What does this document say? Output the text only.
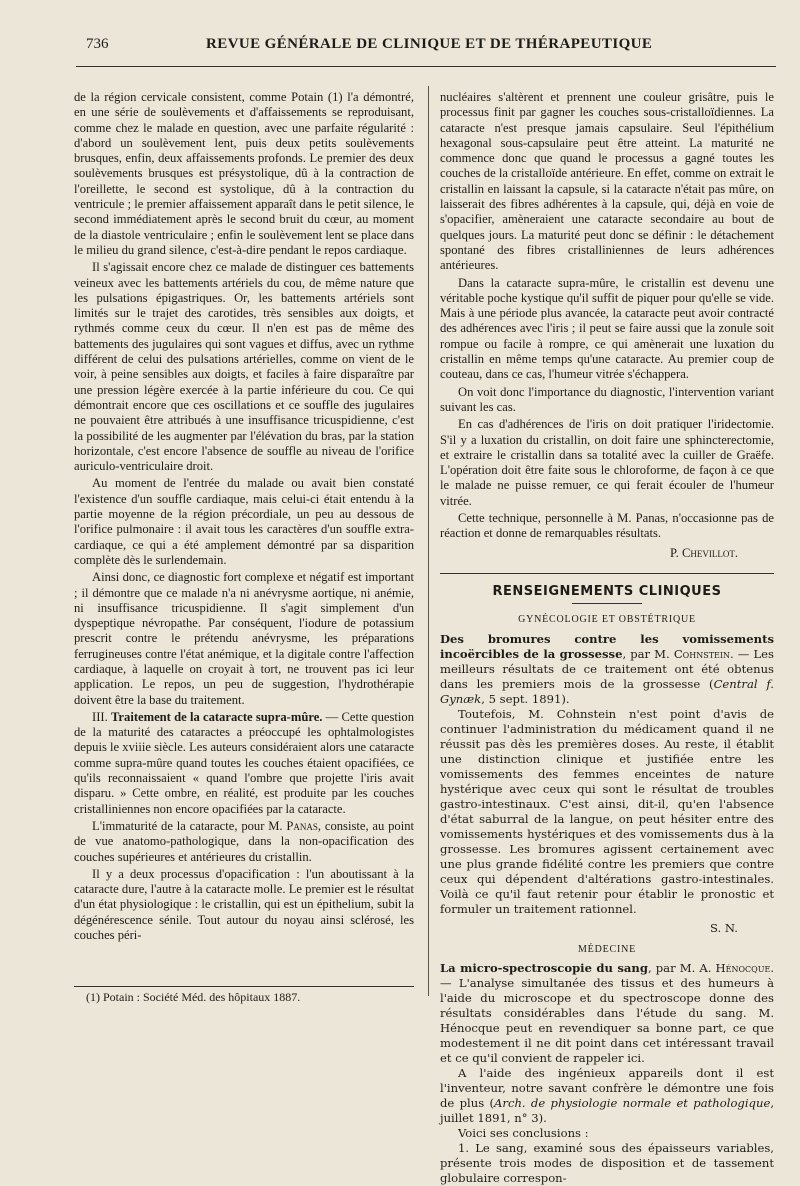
736	REVUE GÉNÉRALE DE CLINIQUE ET DE THÉRAPEUTIQUE

de la région cervicale consistent, comme Potain (1) l'a démontré, en une série de soulèvements et d'affaissements se reproduisant, comme chez le malade en question, avec une parfaite régularité : d'abord un soulèvement lent, puis deux petits soulèvements brusques, enfin, deux affaissements profonds. Le premier des deux soulèvements brusques est présystolique, dû à la contraction de l'oreillette, le second est systolique, dû à la contraction du ventricule ; le premier affaissement apparaît dans le petit silence, le second immédiatement après le second bruit du cœur, au moment de la diastole ventriculaire ; enfin le soulèvement lent se place dans le milieu du grand silence, c'est-à-dire pendant le repos cardiaque.

Il s'agissait encore chez ce malade de distinguer ces battements veineux avec les battements artériels du cou, de même nature que les pulsations épigastriques. Or, les battements artériels sont limités sur le trajet des carotides, très sensibles aux doigts, et rythmés comme ceux du cœur. Il n'en est pas de même des battements des jugulaires qui sont vagues et diffus, avec un rythme différent de celui des pulsations artérielles, comme on vient de le voir, à peine sensibles aux doigts, et faciles à faire disparaître par une pression légère exercée à la partie inférieure du cou. Ce qui démontrait encore que ces oscillations et ce souffle des jugulaires ne pouvaient être attribués à une insuffisance tricuspidienne, c'est la possibilité de les augmenter par l'élévation du bras, par la station horizontale, c'est encore l'absence de souffle au niveau de l'orifice auriculo-ventriculaire droit.

Au moment de l'entrée du malade ou avait bien constaté l'existence d'un souffle cardiaque, mais celui-ci était entendu à la partie moyenne de la région précordiale, un peu au dessous de l'orifice pulmonaire : il avait tous les caractères d'un souffle extra-cardiaque, ce qui a été amplement démontré par sa disparition complète dès le surlendemain.

Ainsi donc, ce diagnostic fort complexe et négatif est important ; il démontre que ce malade n'a ni anévrysme aortique, ni anémie, ni insuffisance tricuspidienne. Il s'agit simplement d'un dyspeptique névropathe. Par conséquent, l'iodure de potassium prescrit contre le prétendu anévrysme, les préparations ferrugineuses contre l'état anémique, et la digitale contre l'affection cardiaque, à laquelle on croyait à tort, ne trouvent pas ici leur application. Le repos, un peu de suggestion, l'hydrothérapie doivent être la base du traitement.

III. Traitement de la cataracte supra-mûre. — Cette question de la maturité des cataractes a préoccupé les ophtalmologistes depuis le xviiie siècle. Les auteurs considéraient alors une cataracte comme supra-mûre quand toutes les couches étaient opacifiées, ce qu'ils reconnaissaient « quand l'ombre que projette l'iris avait disparu. » Cette ombre, en réalité, est produite par les couches cristalliniennes non encore opacifiées par la cataracte.

L'immaturité de la cataracte, pour M. Panas, consiste, au point de vue anatomo-pathologique, dans la non-opacification des couches supérieures et antérieures du cristallin.

Il y a deux processus d'opacification : l'un aboutissant à la cataracte dure, l'autre à la cataracte molle. Le premier est le résultat d'un état physiologique : le cristallin, qui est un épithelium, subit la dégénérescence sénile. Tout autour du noyau ainsi sclérosé, les couches péri-

(1) Potain : Société Méd. des hôpitaux 1887.

nucléaires s'altèrent et prennent une couleur grisâtre, puis le processus finit par gagner les couches sous-cristalloïdiennes. La cataracte n'est presque jamais capsulaire. Seul l'épithélium hexagonal sous-capsulaire peut être atteint. La maturité ne commence donc que quand le processus a gagné toutes les couches de la cristalloïde antérieure. En effet, comme on extrait le cristallin en laissant la capsule, si la cataracte n'était pas mûre, on laisserait des fibres adhérentes à la capsule, qui, déjà en voie de s'opacifier, amèneraient une cataracte secondaire au bout de quelques jours. La maturité peut donc se définir : le détachement spontané des fibres cristalliniennes de leurs adhérences antérieures.

Dans la cataracte supra-mûre, le cristallin est devenu une véritable poche kystique qu'il suffit de piquer pour qu'elle se vide. Mais à une période plus avancée, la cataracte peut avoir contracté des adhérences avec l'iris ; il peut se faire aussi que la zonule soit rompue ou facile à rompre, ce qui amènerait une luxation du cristallin en même temps qu'une cataracte. Au premier coup de couteau, dans ce cas, l'humeur vitrée s'échappera.

On voit donc l'importance du diagnostic, l'intervention variant suivant les cas.

En cas d'adhérences de l'iris on doit pratiquer l'iridectomie. S'il y a luxation du cristallin, on doit faire une sphincterectomie, et extraire le cristallin dans sa totalité avec la cuiller de Graëfe. L'opération doit être faite sous le chloroforme, de façon à ce que le malade ne puisse remuer, ce qui ferait écouler de l'humeur vitrée.

Cette technique, personnelle à M. Panas, n'occasionne pas de réaction et donne de remarquables résultats.

P. Chevillot.

RENSEIGNEMENTS CLINIQUES

GYNÉCOLOGIE ET OBSTÉTRIQUE

Des bromures contre les vomissements incoërcibles de la grossesse, par M. Cohnstein. — Les meilleurs résultats de ce traitement ont été obtenus dans les premiers mois de la grossesse (Central f. Gynæk, 5 sept. 1891).

Toutefois, M. Cohnstein n'est point d'avis de continuer l'administration du médicament quand il ne réussit pas dès les premières doses. Au reste, il établit une distinction clinique et justifiée entre les vomissements des femmes enceintes de nature hystérique avec ceux qui sont le résultat de troubles gastro-intestinaux. C'est ainsi, dit-il, qu'en l'absence d'état saburral de la langue, on peut hésiter entre des vomissements hystériques et des vomissements dus à la grossesse. Les bromures agissent certainement avec une plus grande fidélité contre les premiers que contre ceux qui dépendent d'altérations gastro-intestinales. Voilà ce qu'il faut retenir pour établir le pronostic et formuler un traitement rationnel.

S. N.

MÉDECINE

La micro-spectroscopie du sang, par M. A. Hénocque. — L'analyse simultanée des tissus et des humeurs à l'aide du microscope et du spectroscope donne des résultats considérables dans l'étude du sang. M. Hénocque peut en revendiquer sa bonne part, ce que modestement il ne dit point dans cet intéressant travail et ce qu'il convient de rappeler ici.

A l'aide des ingénieux appareils dont il est l'inventeur, notre savant confrère le démontre une fois de plus (Arch. de physiologie normale et pathologique, juillet 1891, n° 3).

Voici ses conclusions :

1. Le sang, examiné sous des épaisseurs variables, présente trois modes de disposition et de tassement globulaire correspon-
